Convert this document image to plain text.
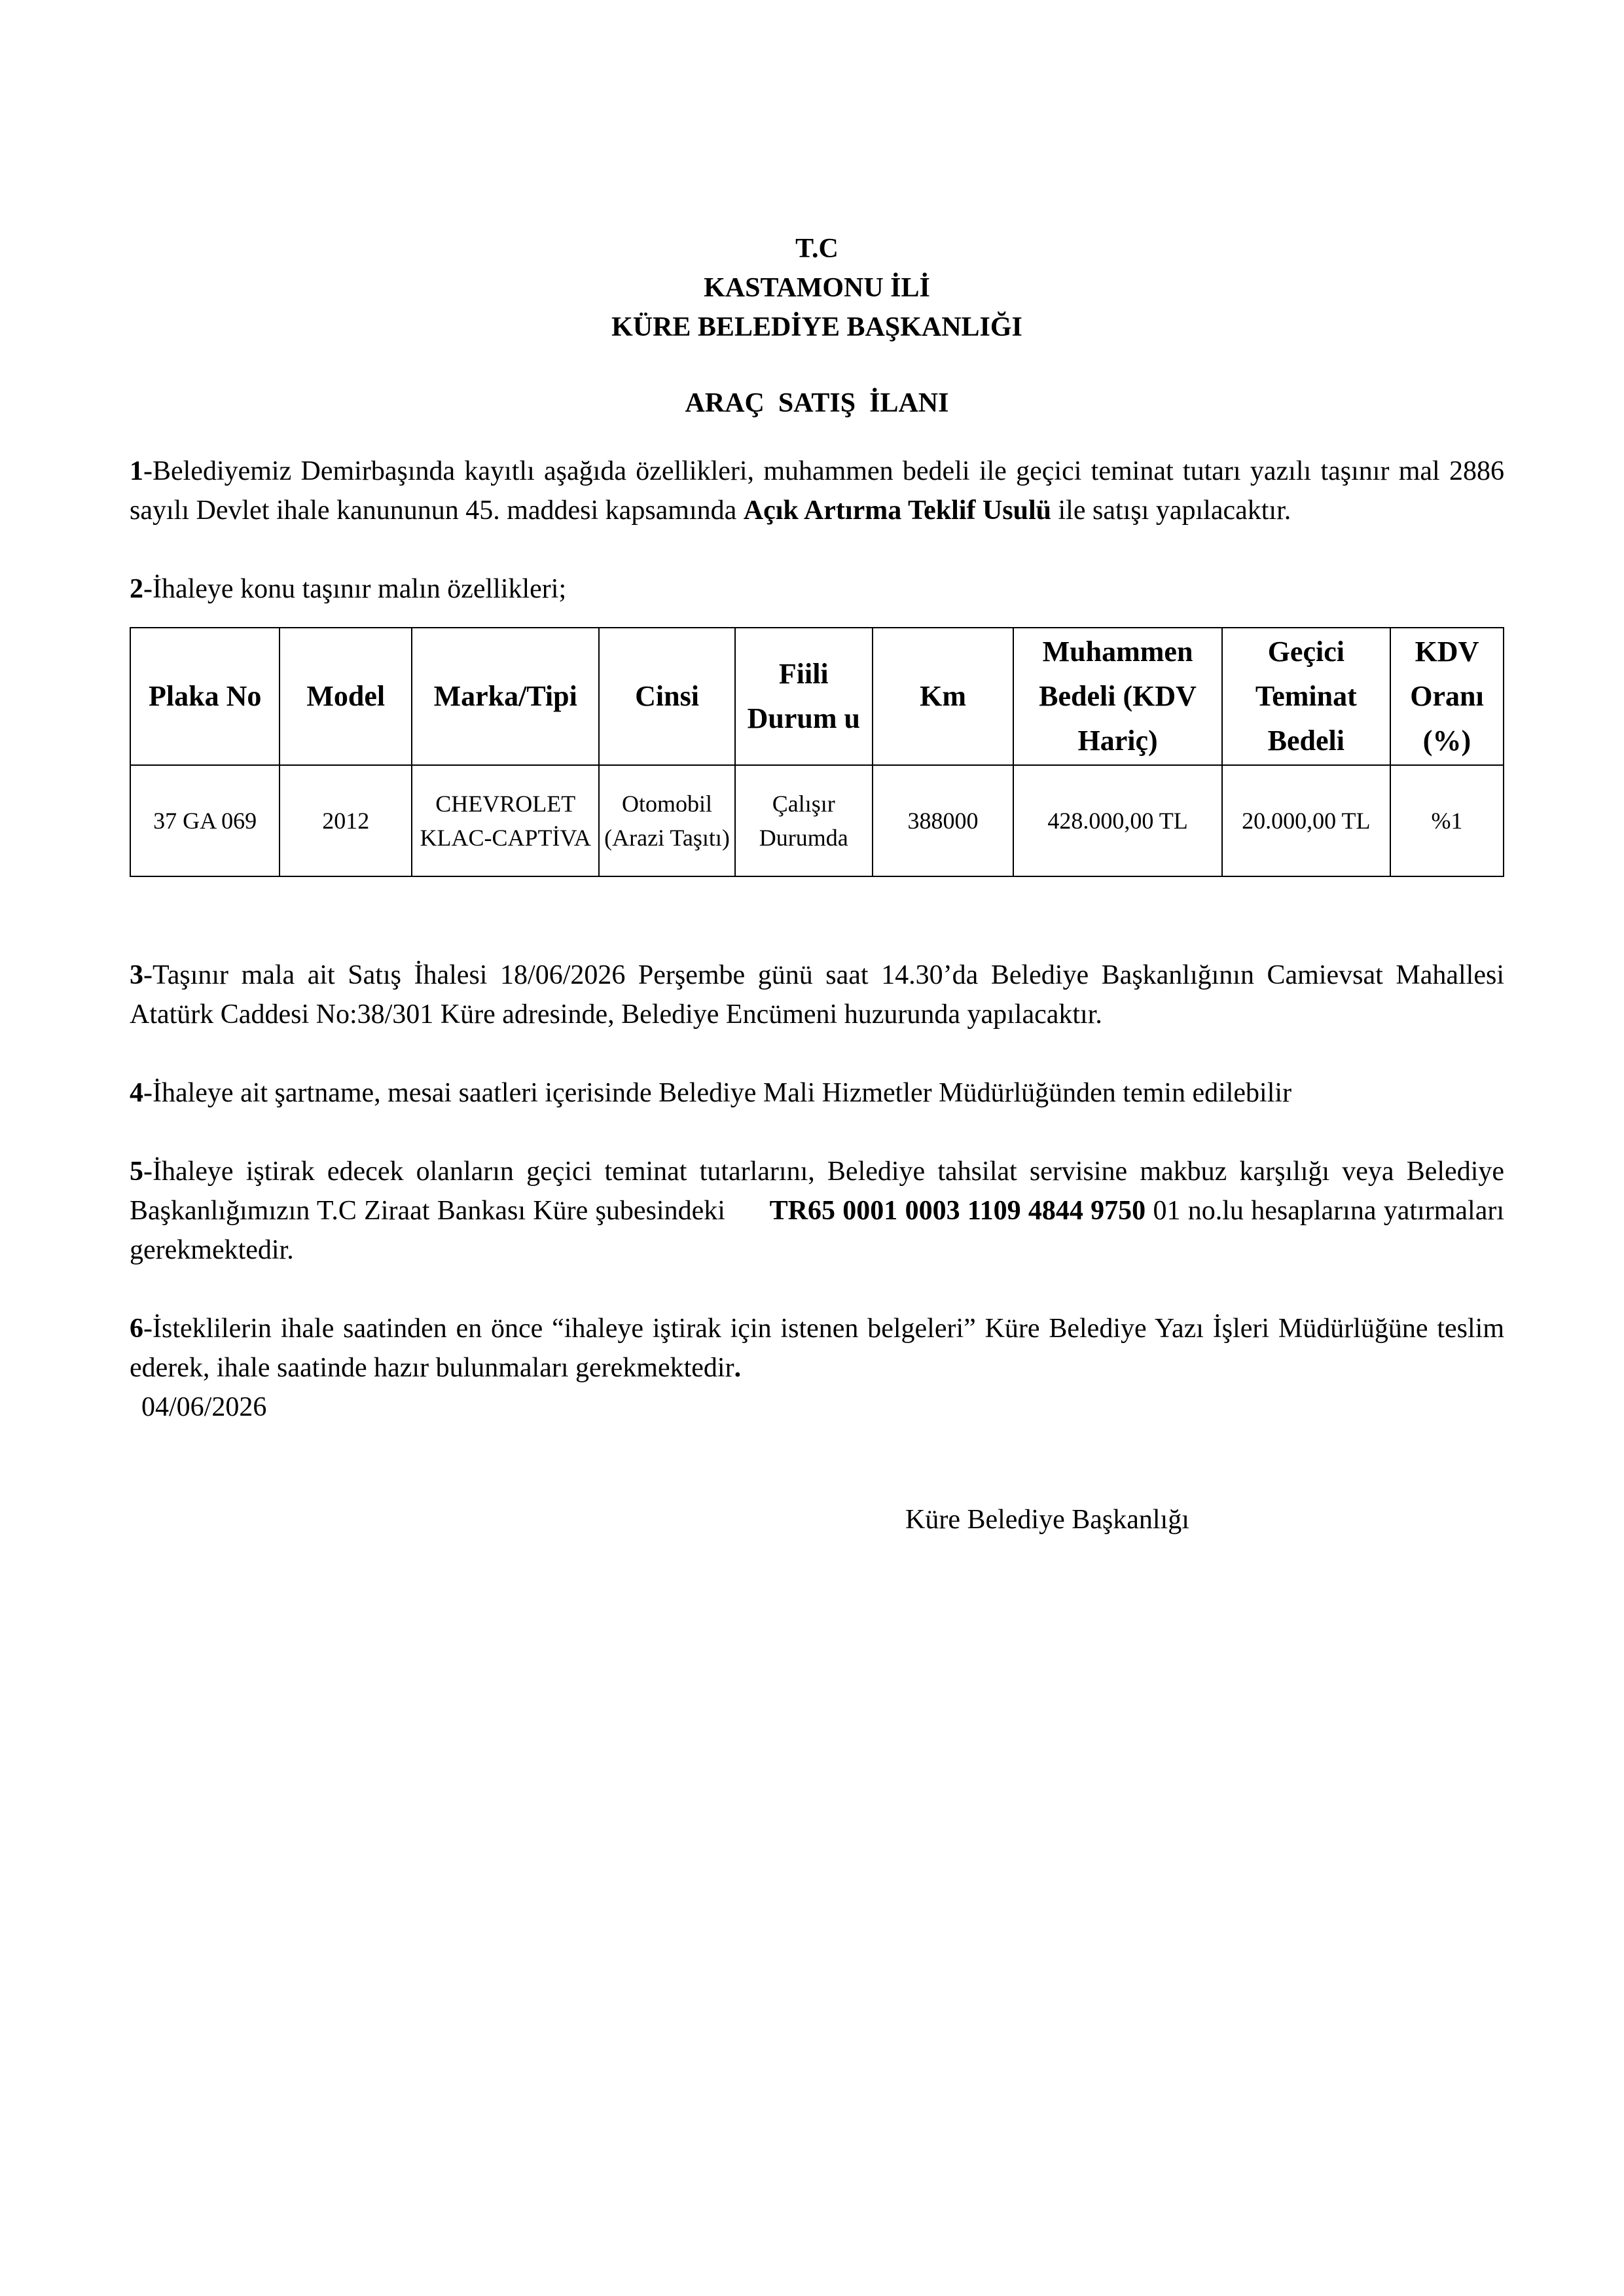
T.C
KASTAMONU İLİ
KÜRE BELEDİYE BAŞKANLIĞI
ARAÇ  SATIŞ  İLANI

1-Belediyemiz Demirbaşında kayıtlı aşağıda özellikleri, muhammen bedeli ile geçici teminat tutarı yazılı taşınır mal 2886 sayılı Devlet ihale kanununun 45. maddesi kapsamında Açık Artırma Teklif Usulü ile satışı yapılacaktır.

2-İhaleye konu taşınır malın özellikleri;

Plaka No	Model	Marka/Tipi	Cinsi	Fiili Durum u	Km	Muhammen Bedeli (KDV Hariç)	Geçici Teminat Bedeli	KDV Oranı (%)
37 GA 069	2012	CHEVROLET KLAC-CAPTİVA	Otomobil (Arazi Taşıtı)	Çalışır Durumda	388000	428.000,00 TL	20.000,00 TL	%1

3-Taşınır mala ait Satış İhalesi 18/06/2026 Perşembe günü saat 14.30’da Belediye Başkanlığının Camievsat Mahallesi Atatürk Caddesi No:38/301 Küre adresinde, Belediye Encümeni huzurunda yapılacaktır.

4-İhaleye ait şartname, mesai saatleri içerisinde Belediye Mali Hizmetler Müdürlüğünden temin edilebilir

5-İhaleye iştirak edecek olanların geçici teminat tutarlarını, Belediye tahsilat servisine makbuz karşılığı veya Belediye Başkanlığımızın T.C Ziraat Bankası Küre şubesindeki      TR65 0001 0003 1109 4844 9750 01 no.lu hesaplarına yatırmaları gerekmektedir.

6-İsteklilerin ihale saatinden en önce “ihaleye iştirak için istenen belgeleri” Küre Belediye Yazı İşleri Müdürlüğüne teslim ederek, ihale saatinde hazır bulunmaları gerekmektedir.

04/06/2026
Küre Belediye Başkanlığı
